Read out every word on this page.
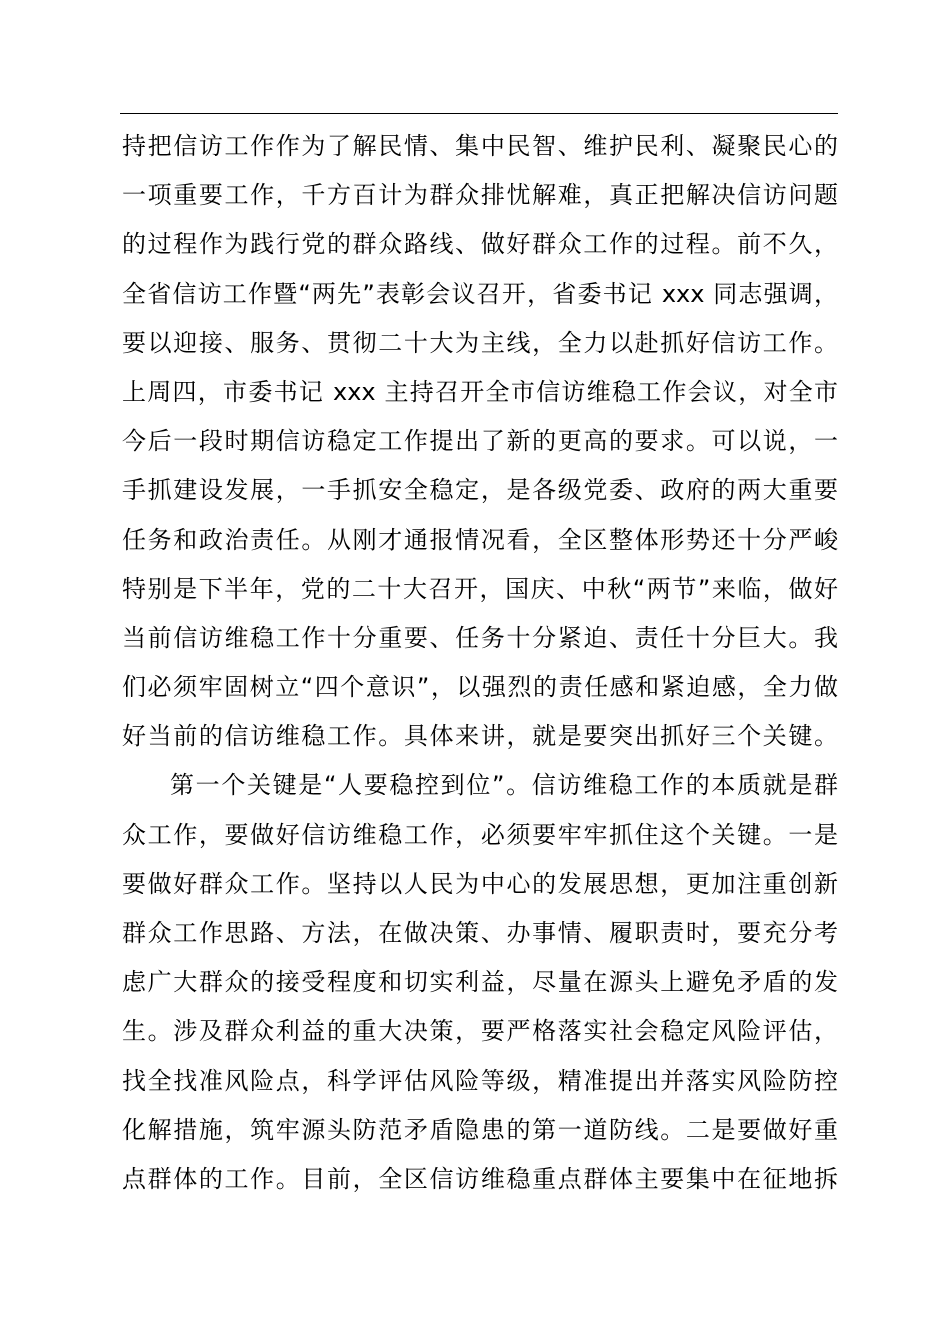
持把信访工作作为了解民情、集中民智、维护民利、凝聚民心的
一项重要工作，千方百计为群众排忧解难，真正把解决信访问题
的过程作为践行党的群众路线、做好群众工作的过程。前不久，
全省信访工作暨“两先”表彰会议召开，省委书记 xxx 同志强调，
要以迎接、服务、贯彻二十大为主线，全力以赴抓好信访工作。
上周四，市委书记 xxx 主持召开全市信访维稳工作会议，对全市
今后一段时期信访稳定工作提出了新的更高的要求。可以说，一
手抓建设发展，一手抓安全稳定，是各级党委、政府的两大重要
任务和政治责任。从刚才通报情况看，全区整体形势还十分严峻
特别是下半年，党的二十大召开，国庆、中秋“两节”来临，做好
当前信访维稳工作十分重要、任务十分紧迫、责任十分巨大。我
们必须牢固树立“四个意识”，以强烈的责任感和紧迫感，全力做
好当前的信访维稳工作。具体来讲，就是要突出抓好三个关键。
第一个关键是“人要稳控到位”。信访维稳工作的本质就是群
众工作，要做好信访维稳工作，必须要牢牢抓住这个关键。一是
要做好群众工作。坚持以人民为中心的发展思想，更加注重创新
群众工作思路、方法，在做决策、办事情、履职责时，要充分考
虑广大群众的接受程度和切实利益，尽量在源头上避免矛盾的发
生。涉及群众利益的重大决策，要严格落实社会稳定风险评估，
找全找准风险点，科学评估风险等级，精准提出并落实风险防控
化解措施，筑牢源头防范矛盾隐患的第一道防线。二是要做好重
点群体的工作。目前，全区信访维稳重点群体主要集中在征地拆
